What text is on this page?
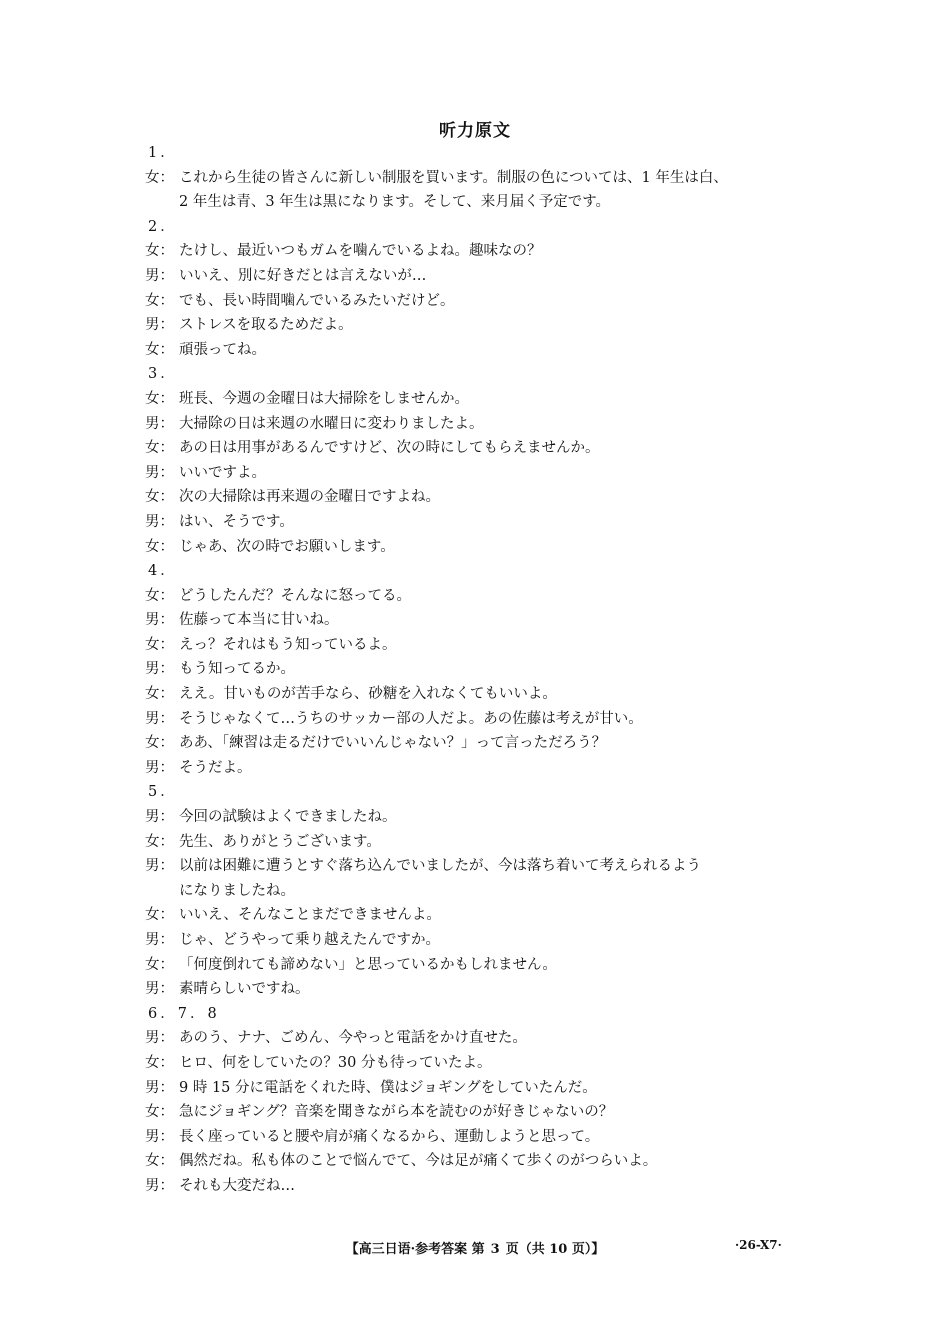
听力原文
1．
女： これから生徒の皆さんに新しい制服を買います。制服の色については、1 年生は白、
2 年生は青、3 年生は黒になります。そして、来月届く予定です。
2．
女： たけし、最近いつもガムを噛んでいるよね。趣味なの？
男： いいえ、別に好きだとは言えないが…
女： でも、長い時間噛んでいるみたいだけど。
男： ストレスを取るためだよ。
女： 頑張ってね。
3．
女： 班長、今週の金曜日は大掃除をしませんか。
男： 大掃除の日は来週の水曜日に変わりましたよ。
女： あの日は用事があるんですけど、次の時にしてもらえませんか。
男： いいですよ。
女： 次の大掃除は再来週の金曜日ですよね。
男： はい、そうです。
女： じゃあ、次の時でお願いします。
4．
女： どうしたんだ？そんなに怒ってる。
男： 佐藤って本当に甘いね。
女： えっ？それはもう知っているよ。
男： もう知ってるか。
女： ええ。甘いものが苦手なら、砂糖を入れなくてもいいよ。
男： そうじゃなくて…うちのサッカー部の人だよ。あの佐藤は考えが甘い。
女： ああ、「練習は走るだけでいいんじゃない？」って言っただろう？
男： そうだよ。
5．
男： 今回の試験はよくできましたね。
女： 先生、ありがとうございます。
男： 以前は困難に遭うとすぐ落ち込んでいましたが、今は落ち着いて考えられるよう
になりましたね。
女： いいえ、そんなことまだできませんよ。
男： じゃ、どうやって乗り越えたんですか。
女： 「何度倒れても諦めない」と思っているかもしれません。
男： 素晴らしいですね。
6．7．8
男： あのう、ナナ、ごめん、今やっと電話をかけ直せた。
女： ヒロ、何をしていたの？30 分も待っていたよ。
男： 9 時 15 分に電話をくれた時、僕はジョギングをしていたんだ。
女： 急にジョギング？音楽を聞きながら本を読むのが好きじゃないの？
男： 長く座っていると腰や肩が痛くなるから、運動しようと思って。
女： 偶然だね。私も体のことで悩んでて、今は足が痛くて歩くのがつらいよ。
男： それも大変だね…
【高三日语·参考答案 第 3 页（共 10 页）】	·26-X7·
